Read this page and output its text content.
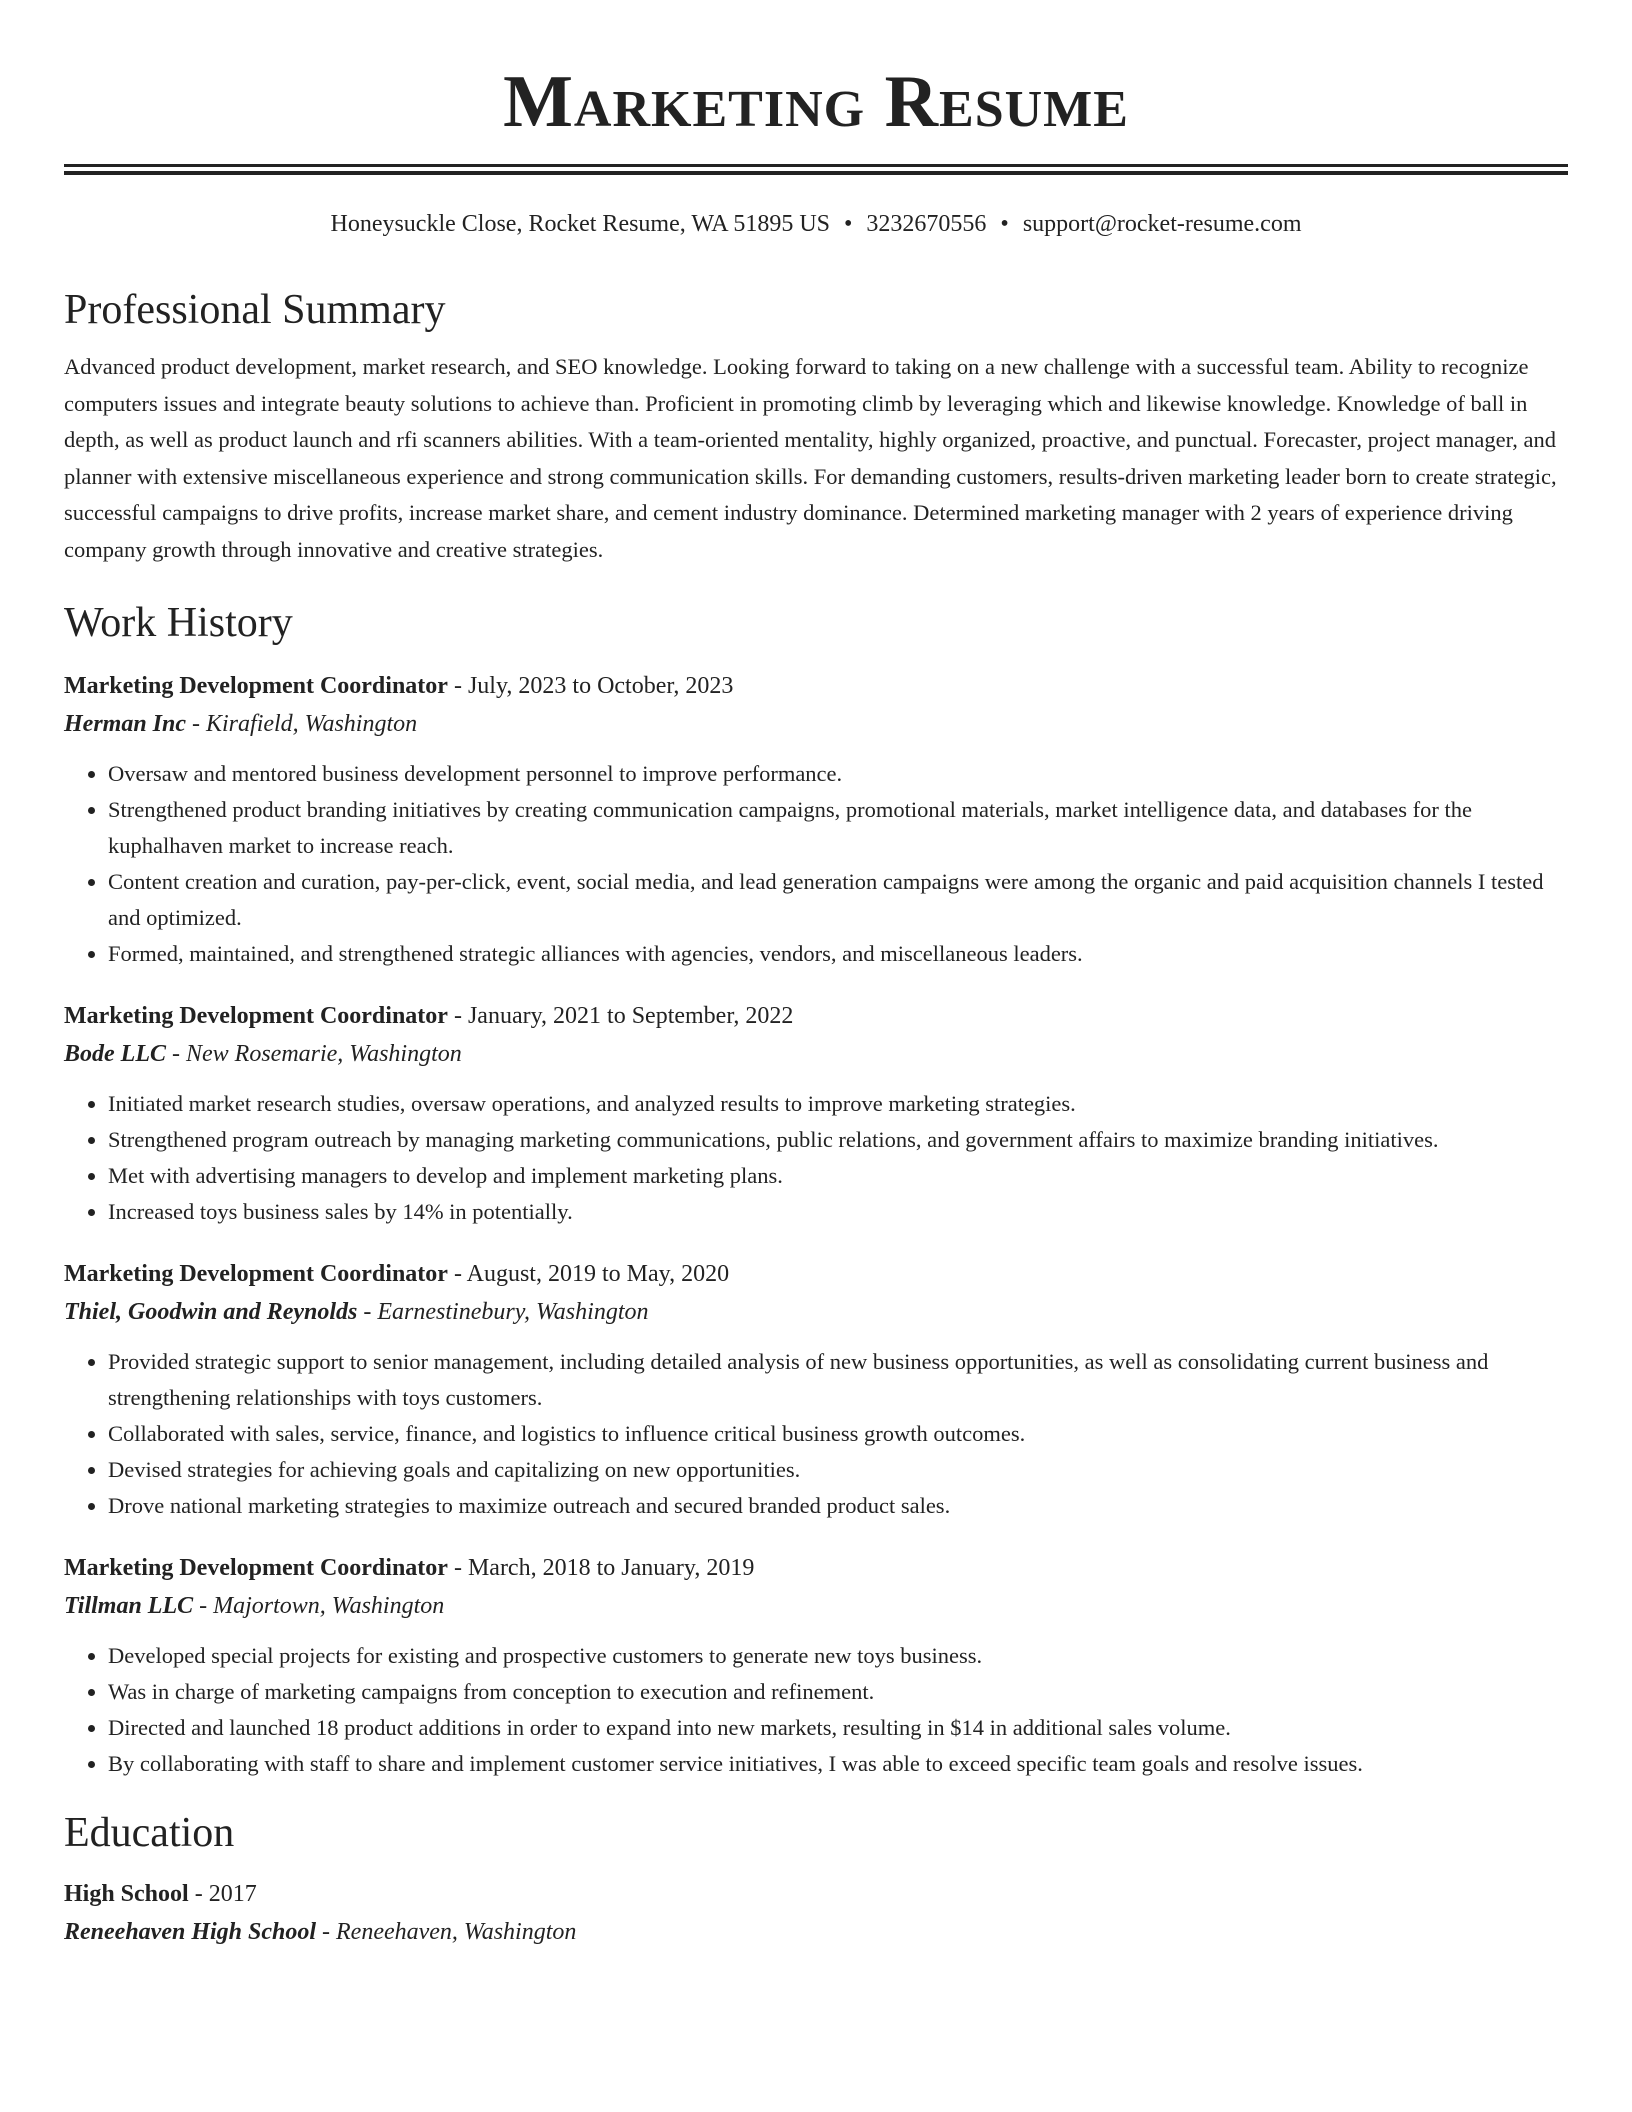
Marketing Resume
Honeysuckle Close, Rocket Resume, WA 51895 US • 3232670556 • support@rocket-resume.com
Professional Summary
Advanced product development, market research, and SEO knowledge. Looking forward to taking on a new challenge with a successful team. Ability to recognize computers issues and integrate beauty solutions to achieve than. Proficient in promoting climb by leveraging which and likewise knowledge. Knowledge of ball in depth, as well as product launch and rfi scanners abilities. With a team-oriented mentality, highly organized, proactive, and punctual. Forecaster, project manager, and planner with extensive miscellaneous experience and strong communication skills. For demanding customers, results-driven marketing leader born to create strategic, successful campaigns to drive profits, increase market share, and cement industry dominance. Determined marketing manager with 2 years of experience driving company growth through innovative and creative strategies.
Work History
Marketing Development Coordinator - July, 2023 to October, 2023
Herman Inc - Kirafield, Washington
• Oversaw and mentored business development personnel to improve performance.
• Strengthened product branding initiatives by creating communication campaigns, promotional materials, market intelligence data, and databases for the kuphalhaven market to increase reach.
• Content creation and curation, pay-per-click, event, social media, and lead generation campaigns were among the organic and paid acquisition channels I tested and optimized.
• Formed, maintained, and strengthened strategic alliances with agencies, vendors, and miscellaneous leaders.
Marketing Development Coordinator - January, 2021 to September, 2022
Bode LLC - New Rosemarie, Washington
• Initiated market research studies, oversaw operations, and analyzed results to improve marketing strategies.
• Strengthened program outreach by managing marketing communications, public relations, and government affairs to maximize branding initiatives.
• Met with advertising managers to develop and implement marketing plans.
• Increased toys business sales by 14% in potentially.
Marketing Development Coordinator - August, 2019 to May, 2020
Thiel, Goodwin and Reynolds - Earnestinebury, Washington
• Provided strategic support to senior management, including detailed analysis of new business opportunities, as well as consolidating current business and strengthening relationships with toys customers.
• Collaborated with sales, service, finance, and logistics to influence critical business growth outcomes.
• Devised strategies for achieving goals and capitalizing on new opportunities.
• Drove national marketing strategies to maximize outreach and secured branded product sales.
Marketing Development Coordinator - March, 2018 to January, 2019
Tillman LLC - Majortown, Washington
• Developed special projects for existing and prospective customers to generate new toys business.
• Was in charge of marketing campaigns from conception to execution and refinement.
• Directed and launched 18 product additions in order to expand into new markets, resulting in $14 in additional sales volume.
• By collaborating with staff to share and implement customer service initiatives, I was able to exceed specific team goals and resolve issues.
Education
High School - 2017
Reneehaven High School - Reneehaven, Washington
